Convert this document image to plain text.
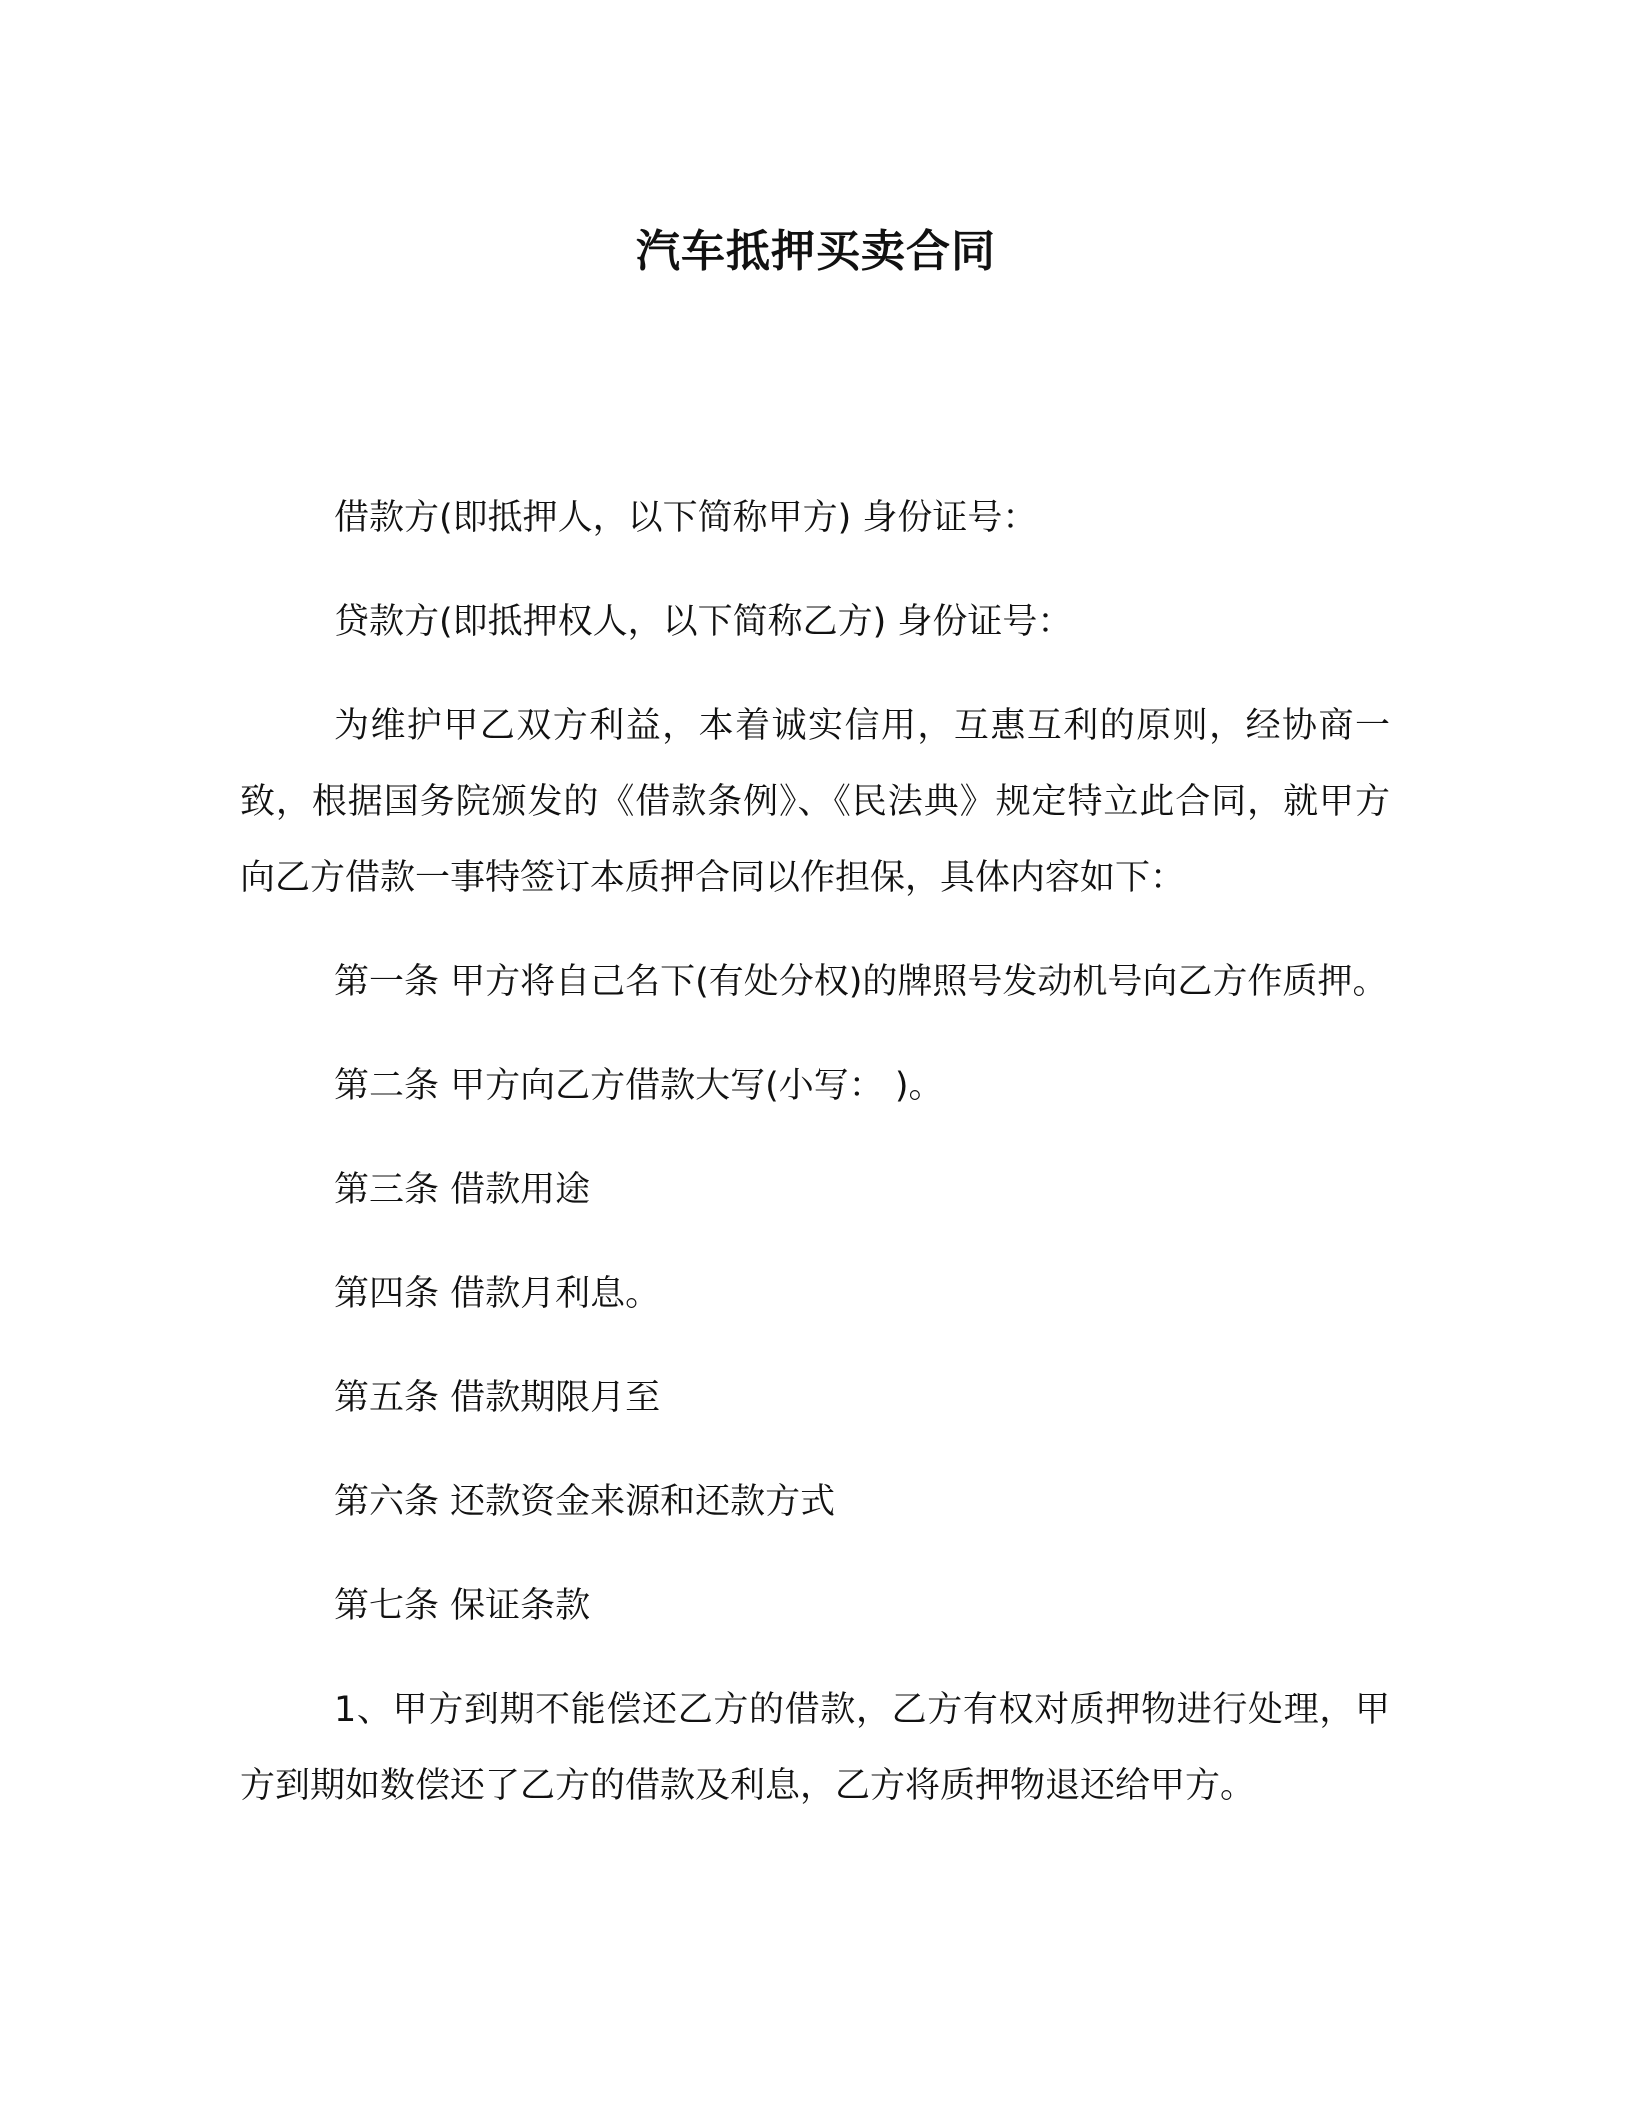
汽车抵押买卖合同

借款方(即抵押人，以下简称甲方) 身份证号：

贷款方(即抵押权人，以下简称乙方) 身份证号：

为维护甲乙双方利益，本着诚实信用，互惠互利的原则，经协商一致，根据国务院颁发的《借款条例》、《民法典》规定特立此合同，就甲方向乙方借款一事特签订本质押合同以作担保，具体内容如下：

第一条 甲方将自己名下(有处分权)的牌照号发动机号向乙方作质押。

第二条 甲方向乙方借款大写(小写： )。

第三条 借款用途

第四条 借款月利息。

第五条 借款期限月至

第六条 还款资金来源和还款方式

第七条 保证条款

1、甲方到期不能偿还乙方的借款，乙方有权对质押物进行处理，甲方到期如数偿还了乙方的借款及利息，乙方将质押物退还给甲方。
